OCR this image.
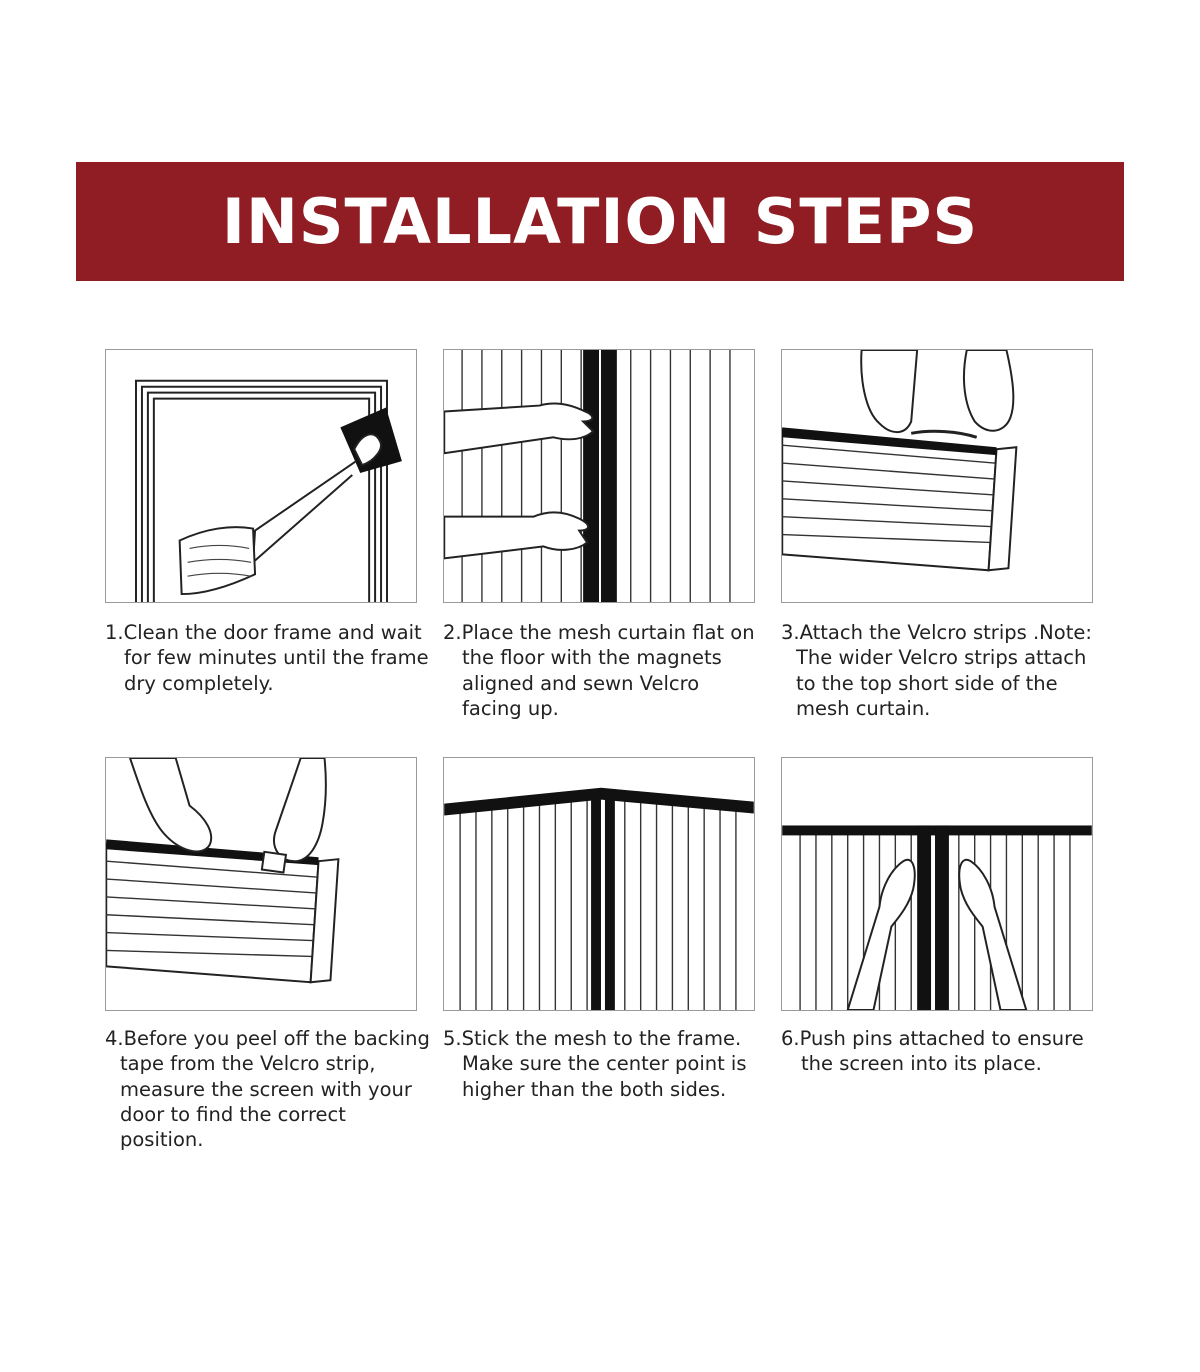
INSTALLATION STEPS
1.Clean the door frame and wait
for few minutes until the frame
dry completely.
2.Place the mesh curtain flat on
the floor with the magnets
aligned and sewn Velcro
facing up.
3.Attach the Velcro strips .Note:
The wider Velcro strips attach
to the top short side of the
mesh curtain.
4.Before you peel off the backing
tape from the Velcro strip,
measure the screen with your
door to find the correct
position.
5.Stick the mesh to the frame.
Make sure the center point is
higher than the both sides.
6.Push pins attached to ensure
the screen into its place.
